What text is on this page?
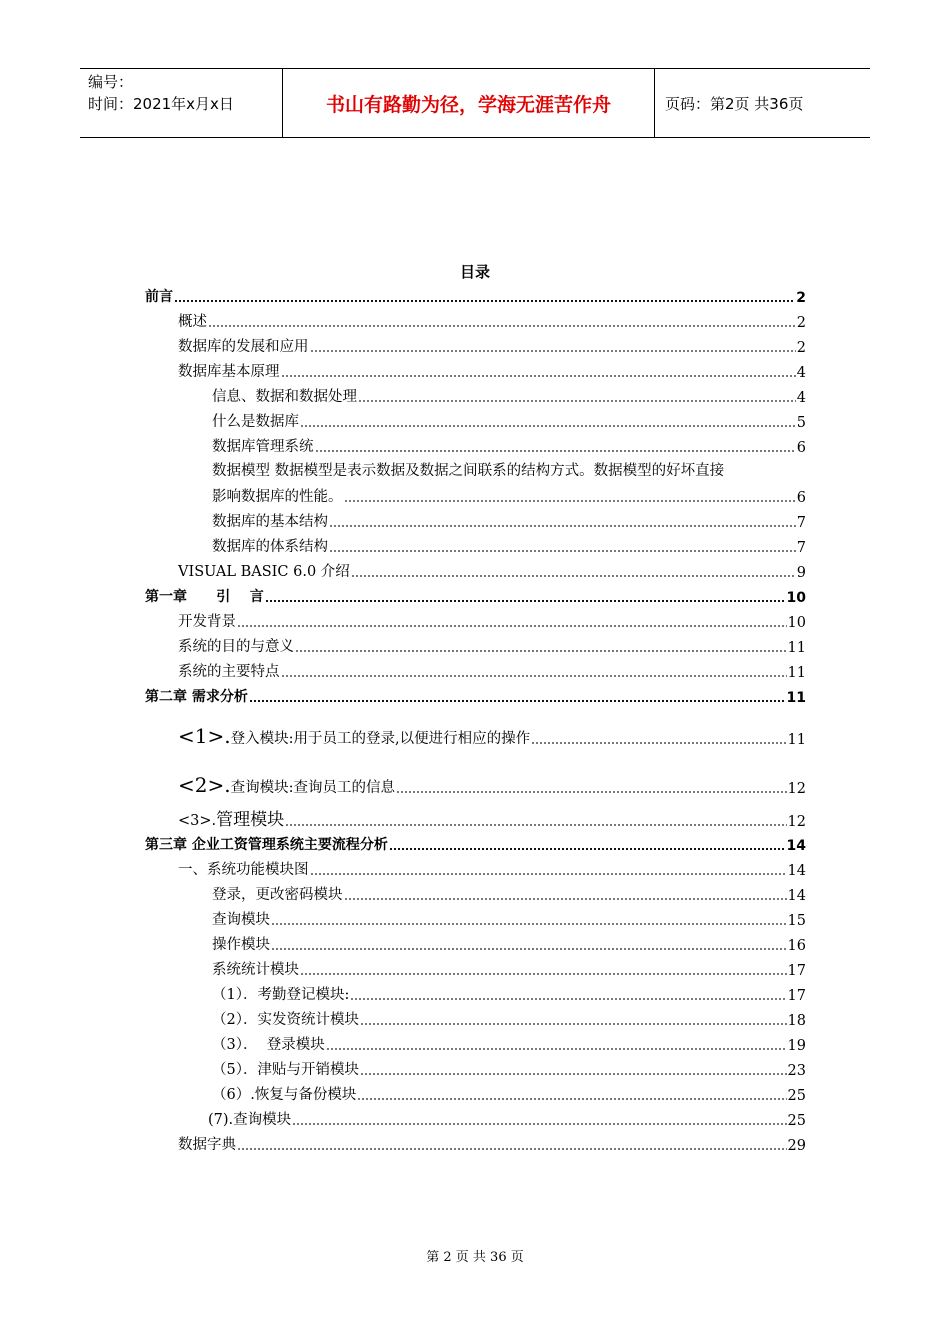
编号：
时间：2021年x月x日	书山有路勤为径，学海无涯苦作舟	页码：第2页 共36页
目录
前言	2
概述	2
数据库的发展和应用	2
数据库基本原理	4
信息、数据和数据处理	4
什么是数据库	5
数据库管理系统	6
数据模型 数据模型是表示数据及数据之间联系的结构方式。数据模型的好坏直接
影响数据库的性能。	6
数据库的基本结构	7
数据库的体系结构	7
VISUAL BASIC 6.0 介绍	9
第一章      引    言	10
开发背景	10
系统的目的与意义	11
系统的主要特点	11
第二章 需求分析	11
<1>.登入模块:用于员工的登录,以便进行相应的操作	11
<2>.查询模块:查询员工的信息	12
<3>.管理模块	12
第三章 企业工资管理系统主要流程分析	14
一、系统功能模块图	14
登录，更改密码模块	14
查询模块	15
操作模块	16
系统统计模块	17
（1）．考勤登记模块:	17
（2）．实发资统计模块	18
（3）．  登录模块	19
（5）．津贴与开销模块	23
（6）.恢复与备份模块	25
(7).查询模块	25
数据字典	29
第 2 页 共 36 页
